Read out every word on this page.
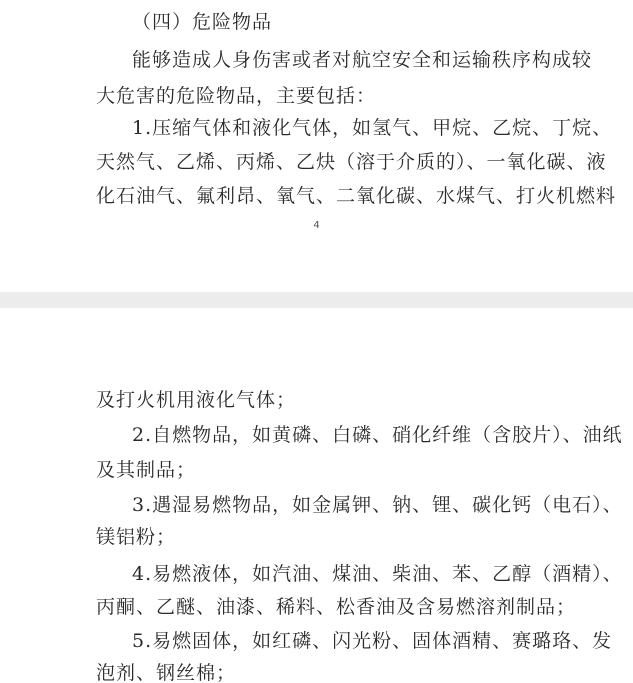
（四）危险物品
能够造成人身伤害或者对航空安全和运输秩序构成较
大危害的危险物品，主要包括：
1.压缩气体和液化气体，如氢气、甲烷、乙烷、丁烷、
天然气、乙烯、丙烯、乙炔（溶于介质的）、一氧化碳、液
化石油气、氟利昂、氧气、二氧化碳、水煤气、打火机燃料
4
及打火机用液化气体；
2.自燃物品，如黄磷、白磷、硝化纤维（含胶片）、油纸
及其制品；
3.遇湿易燃物品，如金属钾、钠、锂、碳化钙（电石）、
镁铝粉；
4.易燃液体，如汽油、煤油、柴油、苯、乙醇（酒精）、
丙酮、乙醚、油漆、稀料、松香油及含易燃溶剂制品；
5.易燃固体，如红磷、闪光粉、固体酒精、赛璐珞、发
泡剂、钢丝棉；
